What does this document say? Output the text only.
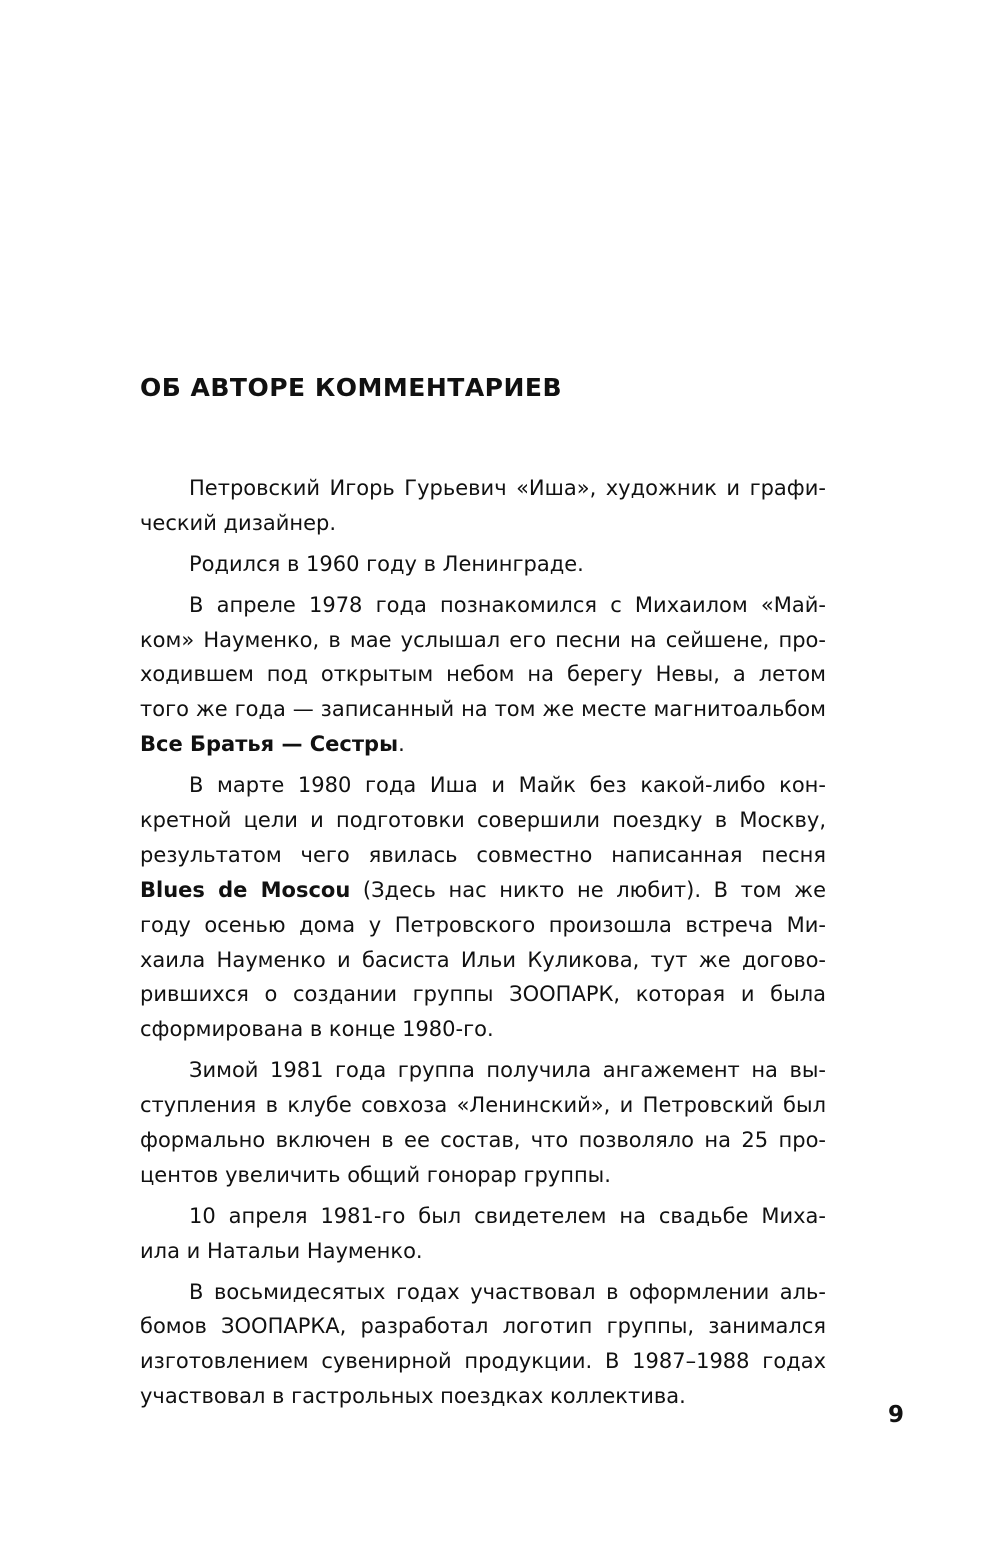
ОБ АВТОРЕ КОММЕНТАРИЕВ
Петровский Игорь Гурьевич «Иша», художник и графи-
ческий дизайнер.
Родился в 1960 году в Ленинграде.
В апреле 1978 года познакомился с Михаилом «Май-
ком» Науменко, в мае услышал его песни на сейшене, про-
ходившем под открытым небом на берегу Невы, а летом
того же года — записанный на том же месте магнитоальбом
Все Братья — Сестры.
В марте 1980 года Иша и Майк без какой-либо кон-
кретной цели и подготовки совершили поездку в Москву,
результатом чего явилась совместно написанная песня
Blues de Moscou (Здесь нас никто не любит). В том же
году осенью дома у Петровского произошла встреча Ми-
хаила Науменко и басиста Ильи Куликова, тут же догово-
рившихся о создании группы ЗООПАРК, которая и была
сформирована в конце 1980-го.
Зимой 1981 года группа получила ангажемент на вы-
ступления в клубе совхоза «Ленинский», и Петровский был
формально включен в ее состав, что позволяло на 25 про-
центов увеличить общий гонорар группы.
10 апреля 1981-го был свидетелем на свадьбе Миха-
ила и Натальи Науменко.
В восьмидесятых годах участвовал в оформлении аль-
бомов ЗООПАРКА, разработал логотип группы, занимался
изготовлением сувенирной продукции. В 1987–1988 годах
участвовал в гастрольных поездках коллектива.
9
